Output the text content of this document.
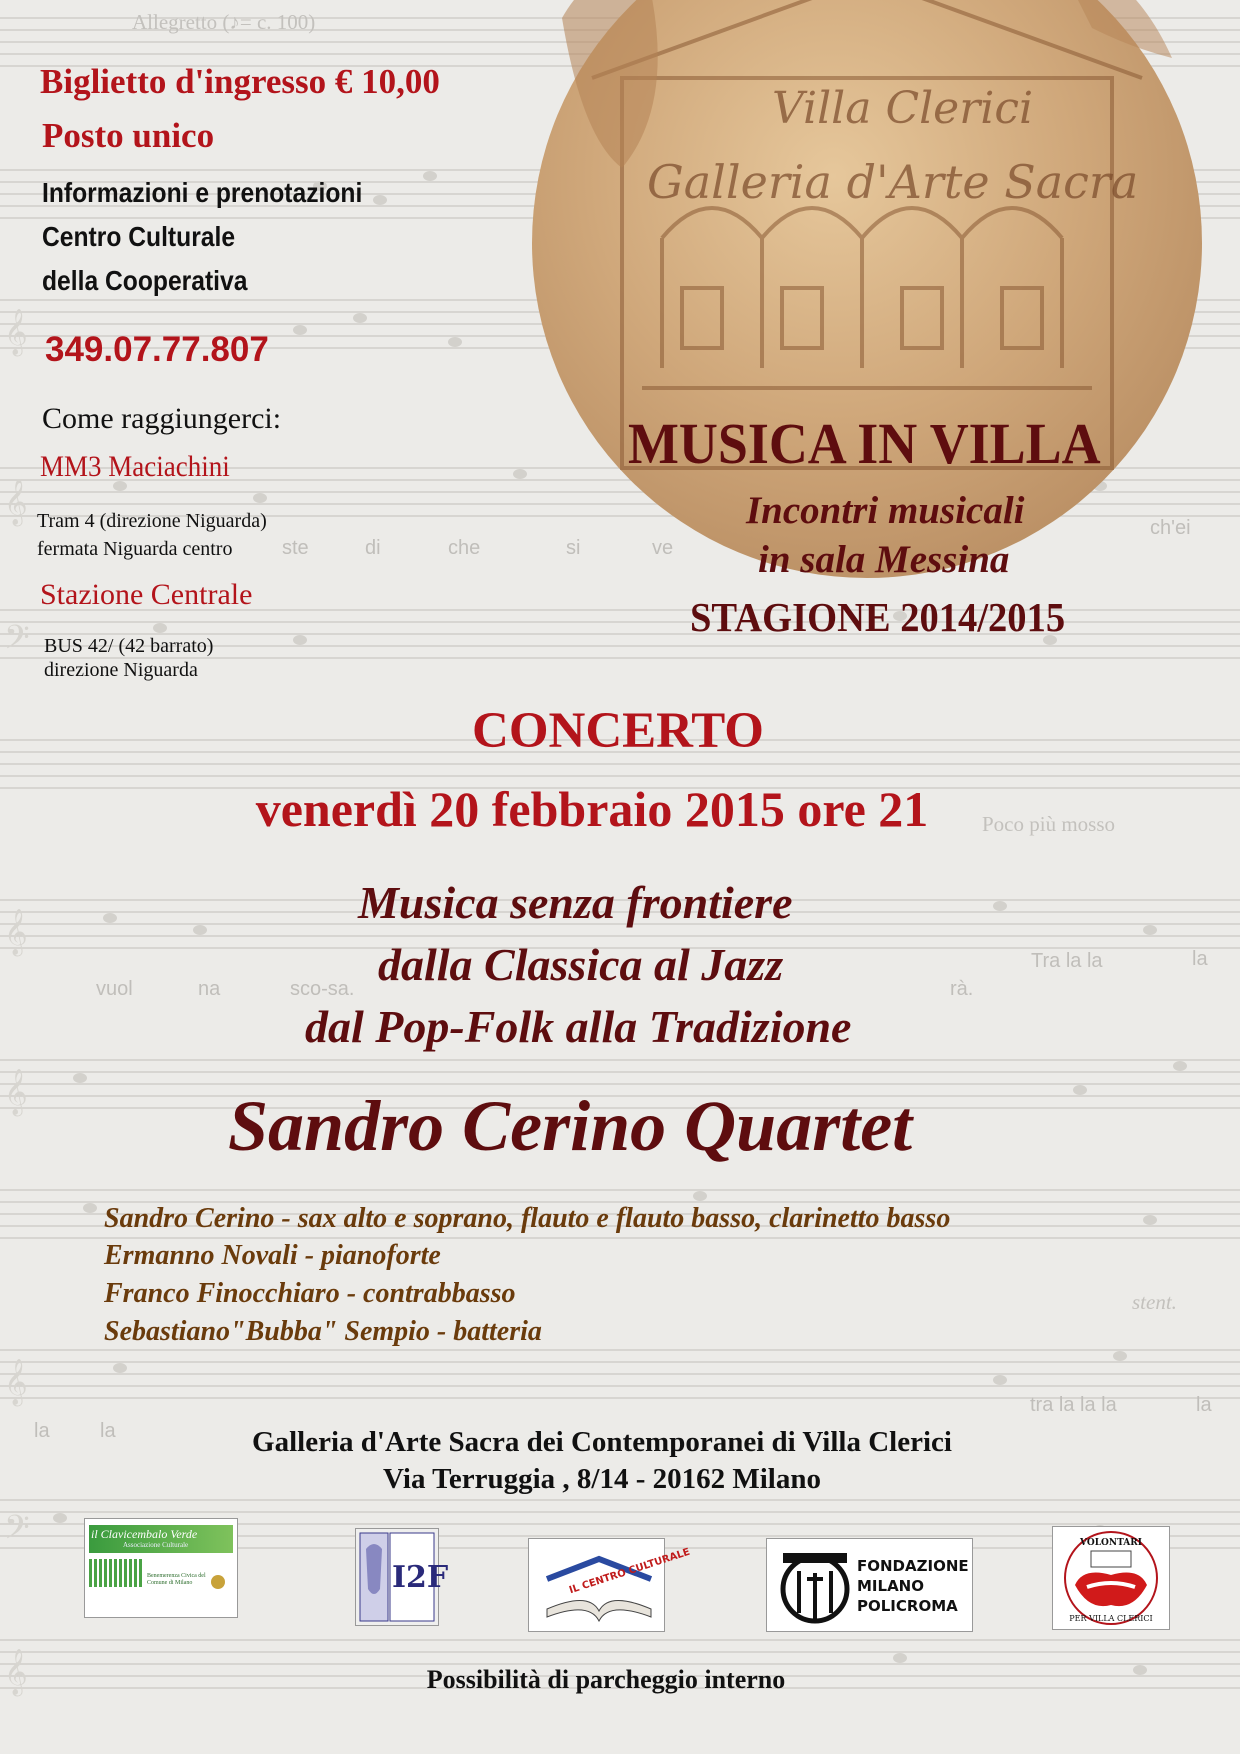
𝄞
𝄞
𝄢
𝄞
𝄞
𝄞
𝄢
𝄞
Allegretto (♪= c. 100)
ste	di	che	si	ve
ch'ei
Poco più mosso
vuol	na	sco-sa.	rà.
Tra la la	la
stent.
la	la
tra la la la	la
Villa Clerici
Galleria d'Arte Sacra
Biglietto d'ingresso € 10,00
Posto unico
Informazioni e prenotazioni
Centro Culturale
della Cooperativa
349.07.77.807
Come raggiungerci:
MM3 Maciachini
Tram 4 (direzione Niguarda)
fermata Niguarda centro
Stazione Centrale
BUS 42/ (42 barrato)
direzione Niguarda
MUSICA IN VILLA
Incontri musicali
in sala Messina
STAGIONE 2014/2015
CONCERTO
venerdì 20 febbraio 2015 ore 21
Musica senza frontiere
dalla Classica al Jazz
dal Pop-Folk alla Tradizione
Sandro Cerino Quartet
Sandro Cerino - sax alto e soprano, flauto e flauto basso, clarinetto basso
Ermanno Novali - pianoforte
Franco Finocchiaro - contrabbasso
Sebastiano"Bubba" Sempio - batteria
Galleria d'Arte Sacra dei Contemporanei di Villa Clerici
Via Terruggia , 8/14 - 20162 Milano
il Clavicembalo Verde
Associazione Culturale
Benemerenza Civica del Comune di Milano	I2F	IL CENTRO CULTURALE	FONDAZIONE
MILANO
POLICROMA
VOLONTARI
PER VILLA CLERICI
Possibilità di parcheggio interno
